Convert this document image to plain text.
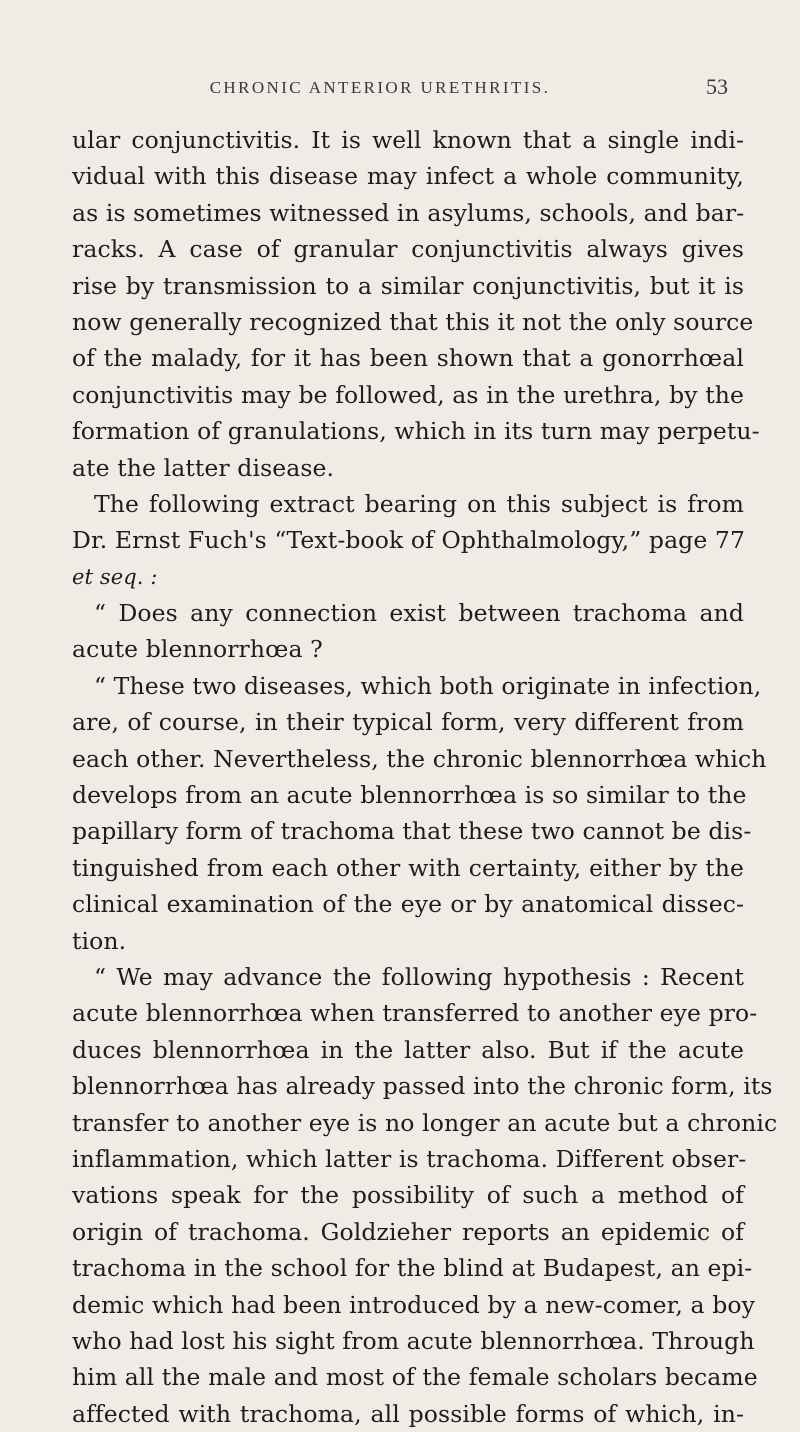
CHRONIC ANTERIOR URETHRITIS.	53
ular conjunctivitis. It is well known that a single indi-
vidual with this disease may infect a whole community,
as is sometimes witnessed in asylums, schools, and bar-
racks. A case of granular conjunctivitis always gives
rise by transmission to a similar conjunctivitis, but it is
now generally recognized that this it not the only source
of the malady, for it has been shown that a gonorrhœal
conjunctivitis may be followed, as in the urethra, by the
formation of granulations, which in its turn may perpetu-
ate the latter disease.
The following extract bearing on this subject is from
Dr. Ernst Fuch's “Text-book of Ophthalmology,” page 77
et seq. :
“ Does any connection exist between trachoma and
acute blennorrhœa ?
“ These two diseases, which both originate in infection,
are, of course, in their typical form, very different from
each other. Nevertheless, the chronic blennorrhœa which
develops from an acute blennorrhœa is so similar to the
papillary form of trachoma that these two cannot be dis-
tinguished from each other with certainty, either by the
clinical examination of the eye or by anatomical dissec-
tion.
“ We may advance the following hypothesis : Recent
acute blennorrhœa when transferred to another eye pro-
duces blennorrhœa in the latter also. But if the acute
blennorrhœa has already passed into the chronic form, its
transfer to another eye is no longer an acute but a chronic
inflammation, which latter is trachoma. Different obser-
vations speak for the possibility of such a method of
origin of trachoma. Goldzieher reports an epidemic of
trachoma in the school for the blind at Budapest, an epi-
demic which had been introduced by a new-comer, a boy
who had lost his sight from acute blennorrhœa. Through
him all the male and most of the female scholars became
affected with trachoma, all possible forms of which, in-
